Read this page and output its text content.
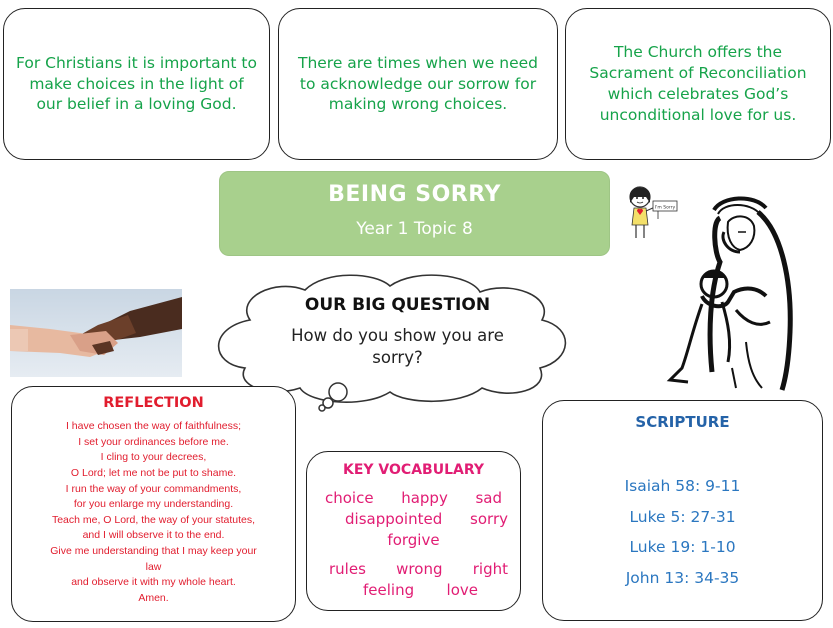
For Christians it is important to make choices in the light of our belief in a loving God.
There are times when we need to acknowledge our sorrow for making wrong choices.
The Church offers the Sacrament of Reconciliation which celebrates God’s unconditional love for us.
BEING SORRY
Year 1 Topic 8
OUR BIG QUESTION
How do you show you are sorry?
I'm Sorry
REFLECTION
I have chosen the way of faithfulness;
I set your ordinances before me.
I cling to your decrees,
O Lord; let me not be put to shame.
I run the way of your commandments,
for you enlarge my understanding.
Teach me, O Lord, the way of your statutes,
and I will observe it to the end.
Give me understanding that I may keep your
law
and observe it with my whole heart.
Amen.
KEY VOCABULARY
choice happy sad
disappointed sorry
forgive
rules wrong right
feeling love
SCRIPTURE
Isaiah 58: 9-11
Luke 5: 27-31
Luke 19: 1-10
John 13: 34-35
